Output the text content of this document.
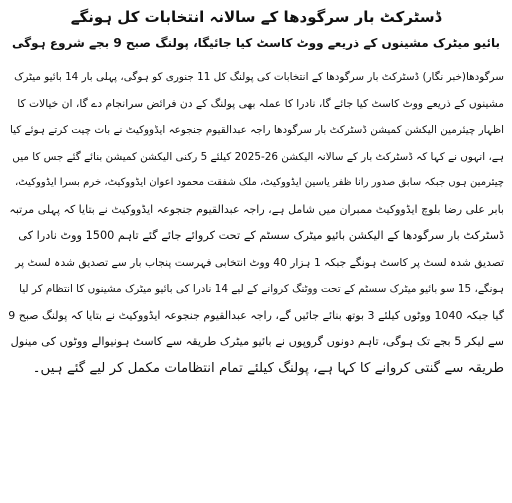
ڈسٹرکٹ بار سرگودھا کے سالانہ انتخابات کل ہونگے
بائیو میٹرک مشینوں کے ذریعے ووٹ کاسٹ کیا جائیگا، پولنگ صبح 9 بجے شروع ہوگی
سرگودھا(خبر نگار) ڈسٹرکٹ بار سرگودھا کے انتخابات کی پولنگ کل 11 جنوری کو ہوگی، پہلی بار 14 بائیو میٹرک
مشینوں کے ذریعے ووٹ کاسٹ کیا جائے گا، نادرا کا عملہ بھی پولنگ کے دن فرائض سرانجام دے گا، ان خیالات کا
اظہار چیئرمین الیکشن کمیشن ڈسٹرکٹ بار سرگودھا راجہ عبدالقیوم جنجوعہ ایڈووکیٹ نے بات چیت کرتے ہوئے کیا
ہے، انہوں نے کہا کہ ڈسٹرکٹ بار کے سالانہ الیکشن 26-2025 کیلئے 5 رکنی الیکشن کمیشن بنائے گئے جس کا میں
چیئرمین ہوں جبکہ سابق صدور رانا ظفر یاسین ایڈووکیٹ، ملک شفقت محمود اعوان ایڈووکیٹ، خرم بسرا ایڈووکیٹ،
بابر علی رضا بلوچ ایڈووکیٹ ممبران میں شامل ہے، راجہ عبدالقیوم جنجوعہ ایڈووکیٹ نے بتایا کہ پہلی مرتبہ
ڈسٹرکٹ بار سرگودھا کے الیکشن بائیو میٹرک سسٹم کے تحت کروائے جائے گئے تاہم 1500 ووٹ نادرا کی
تصدیق شدہ لسٹ پر کاسٹ ہونگے جبکہ 1 ہزار 40 ووٹ انتخابی فہرست پنجاب بار سے تصدیق شدہ لسٹ پر
ہونگے، 15 سو بائیو میٹرک سسٹم کے تحت ووٹنگ کروانے کے لیے 14 نادرا کی بائیو میٹرک مشینوں کا انتظام کر لیا
گیا جبکہ 1040 ووٹوں کیلئے 3 بوتھ بنائے جائیں گے، راجہ عبدالقیوم جنجوعہ ایڈووکیٹ نے بتایا کہ پولنگ صبح 9
سے لیکر 5 بجے تک ہوگی، تاہم دونوں گروپوں نے بائیو میٹرک طریقہ سے کاسٹ ہونیوالے ووٹوں کی مینول
طریقہ سے گنتی کروانے کا کہا ہے، پولنگ کیلئے تمام انتظامات مکمل کر لیے گئے ہیں۔
